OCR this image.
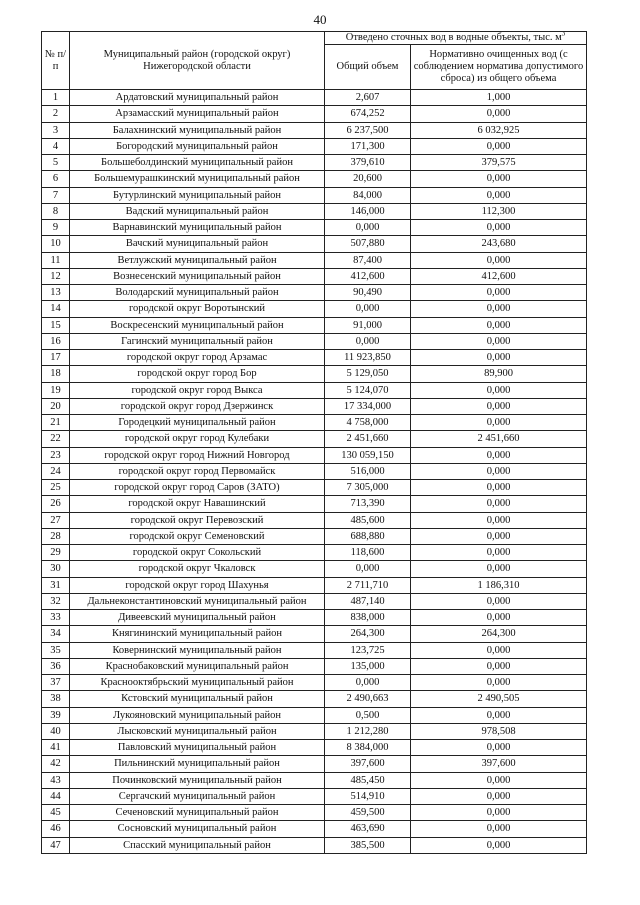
40
№ п/п	Муниципальный район (городской округ) Нижегородской области	Отведено сточных вод в водные объекты, тыс. $м^3$
		Общий объем	Нормативно очищенных вод (с соблюдением норматива допустимого сброса) из общего объема
1	Ардатовский муниципальный район	2,607	1,000
2	Арзамасский муниципальный район	674,252	0,000
3	Балахнинский муниципальный район	6 237,500	6 032,925
4	Богородский муниципальный район	171,300	0,000
5	Большеболдинский муниципальный район	379,610	379,575
6	Большемурашкинский муниципальный район	20,600	0,000
7	Бутурлинский муниципальный район	84,000	0,000
8	Вадский муниципальный район	146,000	112,300
9	Варнавинский муниципальный район	0,000	0,000
10	Вачский муниципальный район	507,880	243,680
11	Ветлужский муниципальный район	87,400	0,000
12	Вознесенский муниципальный район	412,600	412,600
13	Володарский муниципальный район	90,490	0,000
14	городской округ Воротынский	0,000	0,000
15	Воскресенский муниципальный район	91,000	0,000
16	Гагинский муниципальный район	0,000	0,000
17	городской округ город Арзамас	11 923,850	0,000
18	городской округ город Бор	5 129,050	89,900
19	городской округ город Выкса	5 124,070	0,000
20	городской округ город Дзержинск	17 334,000	0,000
21	Городецкий муниципальный район	4 758,000	0,000
22	городской округ город Кулебаки	2 451,660	2 451,660
23	городской округ город Нижний Новгород	130 059,150	0,000
24	городской округ город Первомайск	516,000	0,000
25	городской округ город Саров (ЗАТО)	7 305,000	0,000
26	городской округ Навашинский	713,390	0,000
27	городской округ Перевозский	485,600	0,000
28	городской округ Семеновский	688,880	0,000
29	городской округ Сокольский	118,600	0,000
30	городской округ Чкаловск	0,000	0,000
31	городской округ город Шахунья	2 711,710	1 186,310
32	Дальнеконстантиновский муниципальный район	487,140	0,000
33	Дивеевский муниципальный район	838,000	0,000
34	Княгининский муниципальный район	264,300	264,300
35	Ковернинский муниципальный район	123,725	0,000
36	Краснобаковский муниципальный район	135,000	0,000
37	Краснооктябрьский муниципальный район	0,000	0,000
38	Кстовский муниципальный район	2 490,663	2 490,505
39	Лукояновский муниципальный район	0,500	0,000
40	Лысковский муниципальный район	1 212,280	978,508
41	Павловский муниципальный район	8 384,000	0,000
42	Пильнинский муниципальный район	397,600	397,600
43	Починковский муниципальный район	485,450	0,000
44	Сергачский муниципальный район	514,910	0,000
45	Сеченовский муниципальный район	459,500	0,000
46	Сосновский муниципальный район	463,690	0,000
47	Спасский муниципальный район	385,500	0,000
